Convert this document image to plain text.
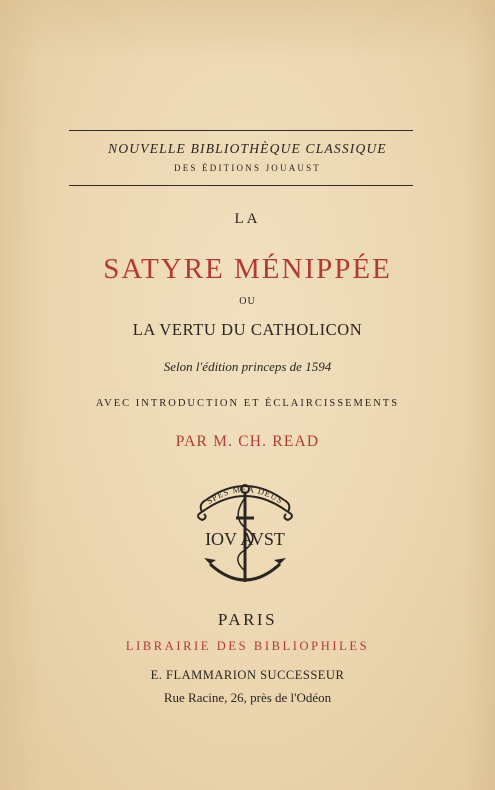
NOUVELLE BIBLIOTHÈQUE CLASSIQUE
DES ÉDITIONS JOUAUST
LA
SATYRE MÉNIPPÉE
OU
LA VERTU DU CATHOLICON
Selon l'édition princeps de 1594
AVEC INTRODUCTION ET ÉCLAIRCISSEMENTS
PAR M. CH. READ
SPES MEA DEUS
IOV AVST
PARIS
LIBRAIRIE DES BIBLIOPHILES
E. FLAMMARION SUCCESSEUR
Rue Racine, 26, près de l'Odéon
